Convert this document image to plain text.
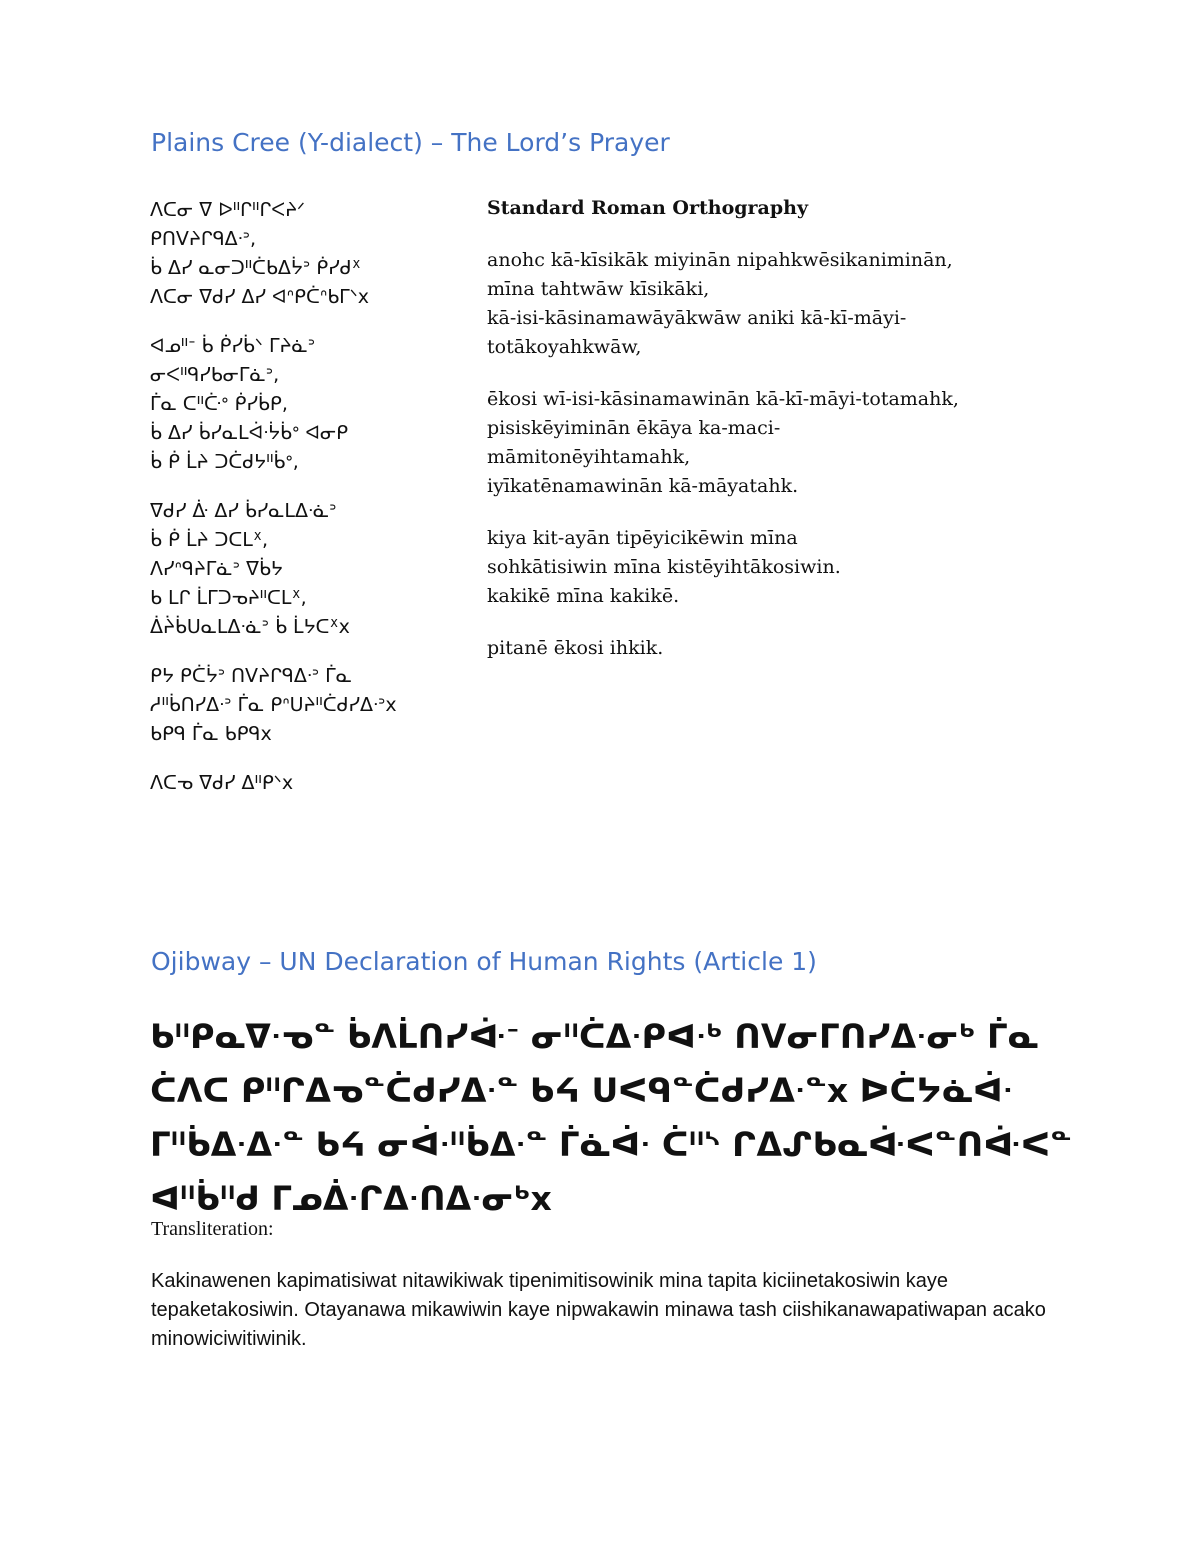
Plains Cree (Y-dialect) – The Lord’s Prayer
ᐱᑕᓂ ᐁ ᐅᐦᒋᐦᒋᐸᔨᐟ
ᑭᑎᐯᔨᒋᑫᐃᐧᐣ,
ᑳ ᐃᓯ ᓇᓂᑐᐦᑖᑲᐃᔮᐣ ᑮᓯᑯᕽ
ᐱᑕᓂ ᐁᑯᓯ ᐃᓯ ᐊᐢᑭᑖᐢᑲᒥᐠx
ᐊᓄᐦᐨ ᑳ ᑮᓯᑳᐠ ᒥᔨᓈᐣ
ᓂᐸᐦᑫᓯᑲᓂᒥᓈᐣ,
ᒦᓇ ᑕᐦᑤᐤ ᑮᓯᑳᑭ,
ᑳ ᐃᓯ ᑳᓯᓇᒪᐋᐧᔮᑳᐤ ᐊᓂᑭ
ᑳ ᑮ ᒫᔨ ᑐᑖᑯᔭᐦᑳᐤ,
ᐁᑯᓯ ᐑ ᐃᓯ ᑳᓯᓇᒪᐃᐧᓈᐣ
ᑳ ᑮ ᒫᔨ ᑐᑕᒪᕽ,
ᐱᓯᐢᑫᔨᒥᓈᐣ ᐁᑳᔭ
ᑲ ᒪᒋ ᒫᒥᑐᓀᔨᐦᑕᒪᕽ,
ᐄᔩᑳᑌᓇᒪᐃᐧᓈᐣ ᑳ ᒫᔭᑕᕽx
ᑭᔭ ᑭᑖᔮᐣ ᑎᐯᔨᒋᑫᐃᐧᐣ ᒦᓇ
ᓱᐦᑳᑎᓯᐃᐧᐣ ᒦᓇ ᑭᐢᑌᔨᐦᑖᑯᓯᐃᐧᐣx
ᑲᑭᑫ ᒦᓇ ᑲᑭᑫx
ᐱᑕᓀ ᐁᑯᓯ ᐃᐦᑭᐠx
Standard Roman Orthography
anohc kā-kīsikāk miyinān nipahkwēsikaniminān,
mīna tahtwāw kīsikāki,
kā-isi-kāsinamawāyākwāw aniki kā-kī-māyi-
totākoyahkwāw,
ēkosi wī-isi-kāsinamawinān kā-kī-māyi-totamahk,
pisiskēyiminān ēkāya ka-maci-
māmitonēyihtamahk,
iyīkatēnamawinān kā-māyatahk.
kiya kit-ayān tipēyicikēwin mīna
sohkātisiwin mīna kistēyihtākosiwin.
kakikē mīna kakikē.
pitanē ēkosi ihkik.
Ojibway – UN Declaration of Human Rights (Article 1)
ᑲᐦᑭᓇᐁᐧᓀᓐ ᑳᐱᒫᑎᓯᐚᐨ ᓂᐦᑖᐃᐧᑭᐊᐧᒃ ᑎᐯᓂᒥᑎᓯᐃᐧᓂᒃ ᒦᓇ
ᑖᐱᑕ ᑭᐦᒋᐃᓀᓐᑖᑯᓯᐃᐧᓐ ᑲᔦ ᑌᐸᑫᓐᑖᑯᓯᐃᐧᓐx ᐅᑖᔭᓈᐋᐧ
ᒥᐦᑳᐃᐧᐃᐧᓐ ᑲᔦ ᓂᐋᐧᐦᑳᐃᐧᓐ ᒦᓈᐋᐧ ᑖᐦᔅ ᒋᐃᔑᑲᓇᐚᐸᓐᑎᐚᐸᓐ
ᐊᐦᑳᐦᑯ ᒥᓄᐄᐧᒋᐃᐧᑎᐃᐧᓂᒃx
Transliteration:
Kakinawenen kapimatisiwat nitawikiwak tipenimitisowinik mina tapita kiciinetakosiwin kaye tepaketakosiwin. Otayanawa mikawiwin kaye nipwakawin minawa tash ciishikanawapatiwapan acako minowiciwitiwinik.
